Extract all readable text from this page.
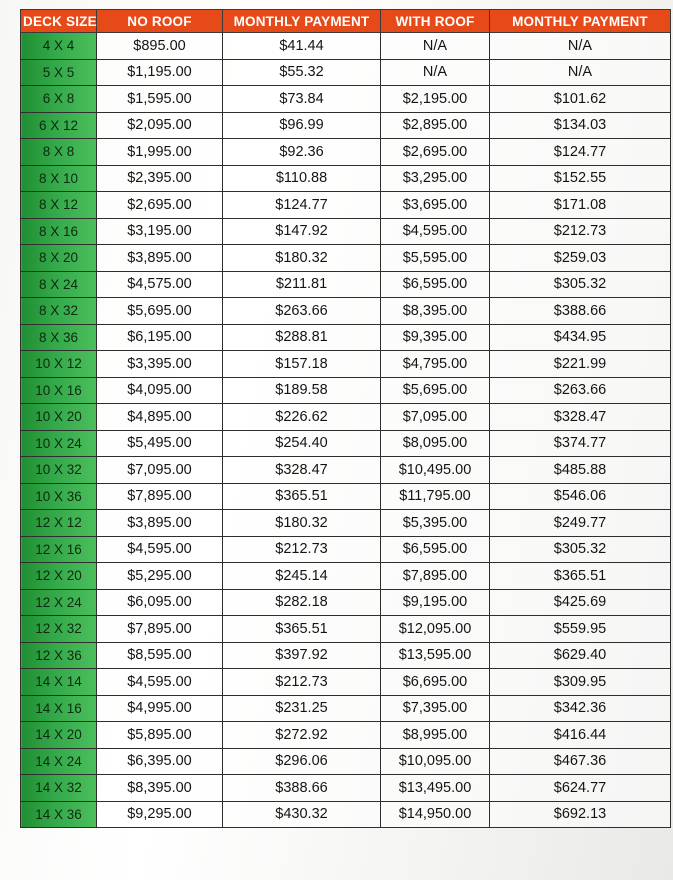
DECK SIZE	NO ROOF	MONTHLY PAYMENT	WITH ROOF	MONTHLY PAYMENT
4 X 4	$895.00	$41.44	N/A	N/A
5 X 5	$1,195.00	$55.32	N/A	N/A
6 X 8	$1,595.00	$73.84	$2,195.00	$101.62
6 X 12	$2,095.00	$96.99	$2,895.00	$134.03
8 X 8	$1,995.00	$92.36	$2,695.00	$124.77
8 X 10	$2,395.00	$110.88	$3,295.00	$152.55
8 X 12	$2,695.00	$124.77	$3,695.00	$171.08
8 X 16	$3,195.00	$147.92	$4,595.00	$212.73
8 X 20	$3,895.00	$180.32	$5,595.00	$259.03
8 X 24	$4,575.00	$211.81	$6,595.00	$305.32
8 X 32	$5,695.00	$263.66	$8,395.00	$388.66
8 X 36	$6,195.00	$288.81	$9,395.00	$434.95
10 X 12	$3,395.00	$157.18	$4,795.00	$221.99
10 X 16	$4,095.00	$189.58	$5,695.00	$263.66
10 X 20	$4,895.00	$226.62	$7,095.00	$328.47
10 X 24	$5,495.00	$254.40	$8,095.00	$374.77
10 X 32	$7,095.00	$328.47	$10,495.00	$485.88
10 X 36	$7,895.00	$365.51	$11,795.00	$546.06
12 X 12	$3,895.00	$180.32	$5,395.00	$249.77
12 X 16	$4,595.00	$212.73	$6,595.00	$305.32
12 X 20	$5,295.00	$245.14	$7,895.00	$365.51
12 X 24	$6,095.00	$282.18	$9,195.00	$425.69
12 X 32	$7,895.00	$365.51	$12,095.00	$559.95
12 X 36	$8,595.00	$397.92	$13,595.00	$629.40
14 X 14	$4,595.00	$212.73	$6,695.00	$309.95
14 X 16	$4,995.00	$231.25	$7,395.00	$342.36
14 X 20	$5,895.00	$272.92	$8,995.00	$416.44
14 X 24	$6,395.00	$296.06	$10,095.00	$467.36
14 X 32	$8,395.00	$388.66	$13,495.00	$624.77
14 X 36	$9,295.00	$430.32	$14,950.00	$692.13
